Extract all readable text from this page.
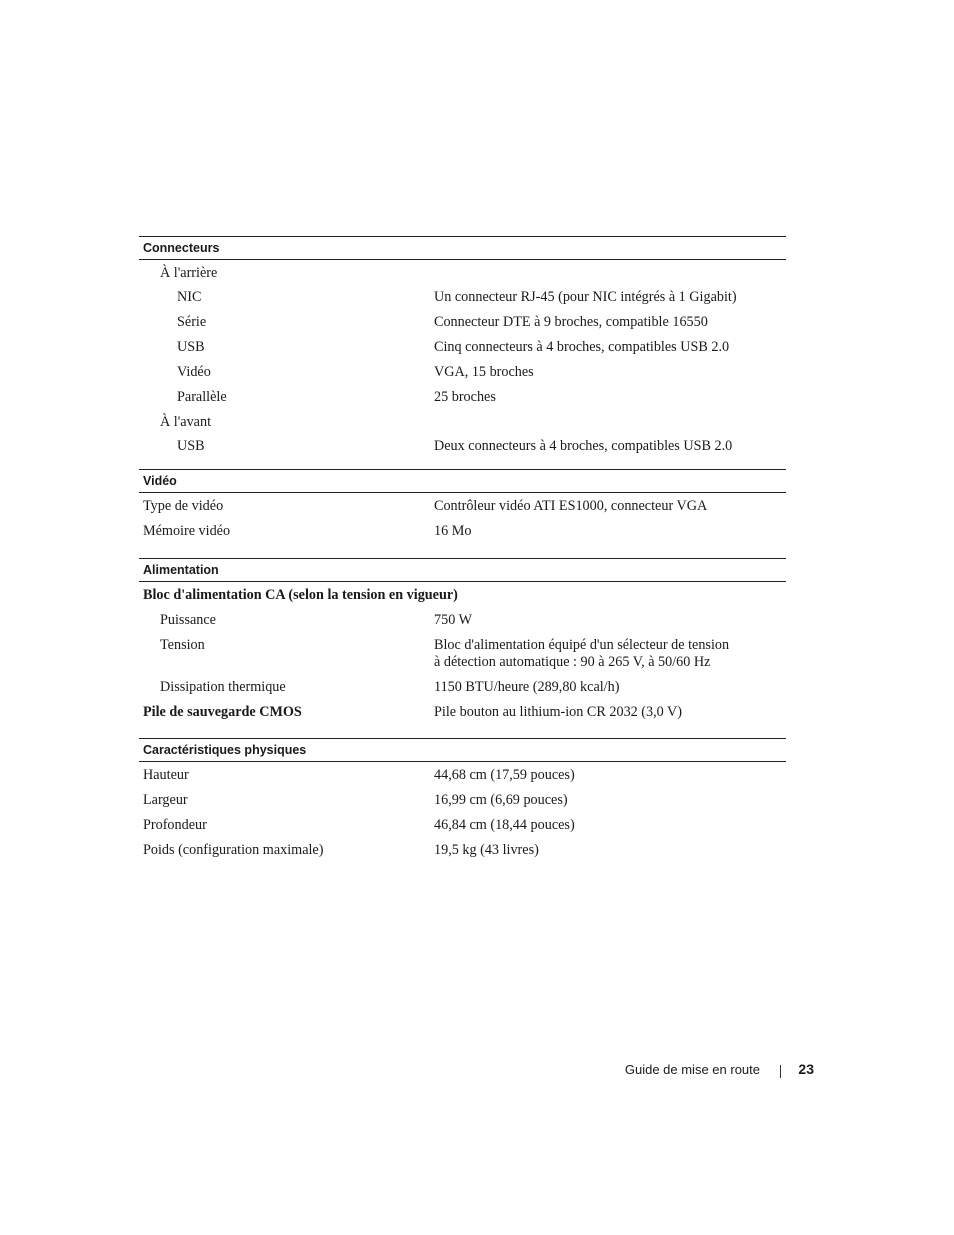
Connecteurs
À l'arrière
NIC	Un connecteur RJ-45 (pour NIC intégrés à 1 Gigabit)
Série	Connecteur DTE à 9 broches, compatible 16550
USB	Cinq connecteurs à 4 broches, compatibles USB 2.0
Vidéo	VGA, 15 broches
Parallèle	25 broches
À l'avant
USB	Deux connecteurs à 4 broches, compatibles USB 2.0
Vidéo
Type de vidéo	Contrôleur vidéo ATI ES1000, connecteur VGA
Mémoire vidéo	16 Mo
Alimentation
Bloc d'alimentation CA (selon la tension en vigueur)
Puissance	750 W
Tension	Bloc d'alimentation équipé d'un sélecteur de tension
à détection automatique : 90 à 265 V, à 50/60 Hz
Dissipation thermique	1150 BTU/heure (289,80 kcal/h)
Pile de sauvegarde CMOS	Pile bouton au lithium-ion CR 2032 (3,0 V)
Caractéristiques physiques
Hauteur	44,68 cm (17,59 pouces)
Largeur	16,99 cm (6,69 pouces)
Profondeur	46,84 cm (18,44 pouces)
Poids (configuration maximale)	19,5 kg (43 livres)
Guide de mise en route	23
